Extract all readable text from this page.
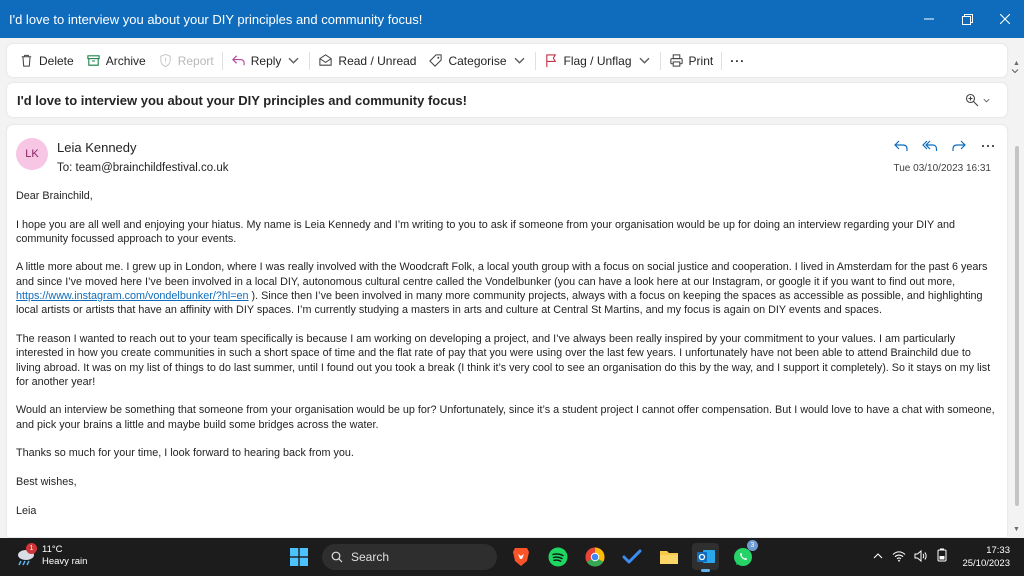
I'd love to interview you about your DIY principles and community focus!
Delete	Archive	Report	Reply	Read / Unread	Categorise	Flag / Unflag	Print ···
I'd love to interview you about your DIY principles and community focus!
LK	Leia Kennedy
To: team@brainchildfestival.co.uk	Tue 03/10/2023 16:31

Dear Brainchild,

I hope you are all well and enjoying your hiatus. My name is Leia Kennedy and I’m writing to you to ask if someone from your organisation would be up for doing an interview regarding your DIY and community focussed approach to your events.

A little more about me. I grew up in London, where I was really involved with the Woodcraft Folk, a local youth group with a focus on social justice and cooperation. I lived in Amsterdam for the past 6 years and since I’ve moved here I’ve been involved in a local DIY, autonomous cultural centre called the Vondelbunker (you can have a look here at our Instagram, or google it if you want to find out more, https://www.instagram.com/vondelbunker/?hl=en ). Since then I’ve been involved in many more community projects, always with a focus on keeping the spaces as accessible as possible, and highlighting local artists or artists that have an affinity with DIY spaces. I’m currently studying a masters in arts and culture at Central St Martins, and my focus is again on DIY events and spaces.

The reason I wanted to reach out to your team specifically is because I am working on developing a project, and I’ve always been really inspired by your commitment to your values. I am particularly interested in how you create communities in such a short space of time and the flat rate of pay that you were using over the last few years. I unfortunately have not been able to attend Brainchild due to living abroad. It was on my list of things to do last summer, until I found out you took a break (I think it’s very cool to see an organisation do this by the way, and I support it completely). So it stays on my list for another year!

Would an interview be something that someone from your organisation would be up for? Unfortunately, since it’s a student project I cannot offer compensation. But I would love to have a chat with someone, and pick your brains a little and maybe build some bridges across the water.

Thanks so much for your time, I look forward to hearing back from you.

Best wishes,

Leia

▲
▼
1 11°C
Heavy rain	Search
3	17:33
25/10/2023
